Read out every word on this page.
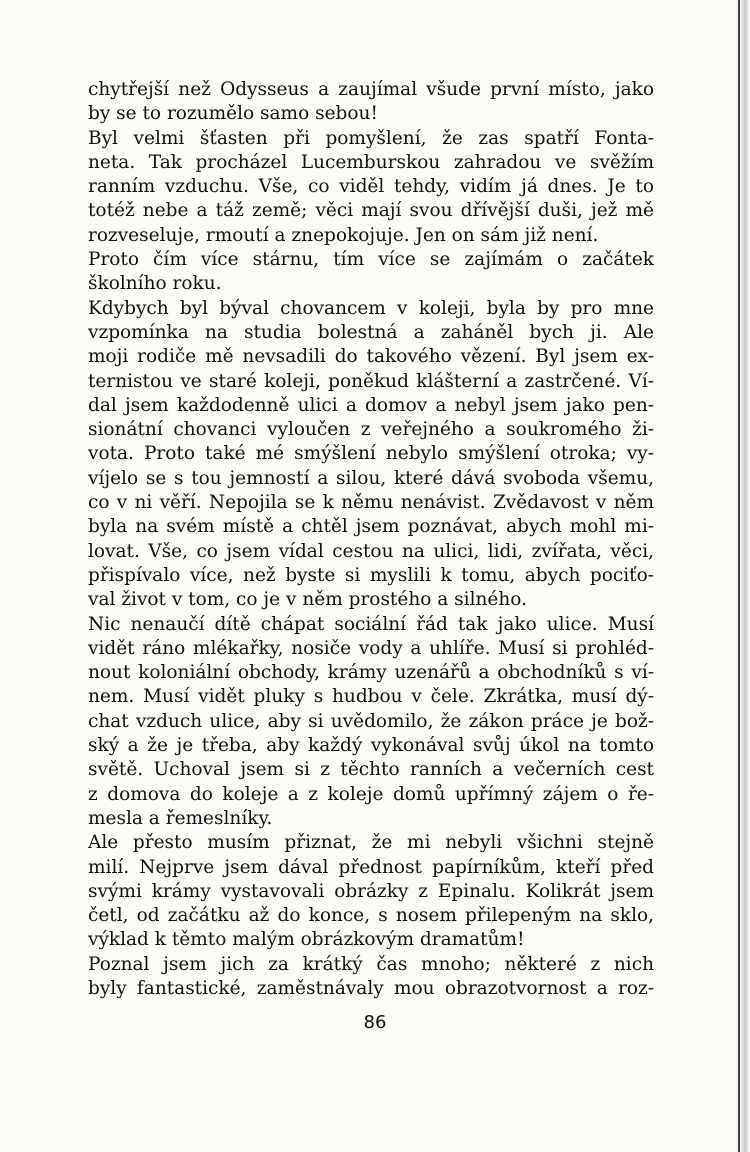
chytřejší než Odysseus a zaujímal všude první místo, jako
by se to rozumělo samo sebou!
Byl velmi šťasten při pomyšlení, že zas spatří Fonta-
neta. Tak procházel Lucemburskou zahradou ve svěžím
ranním vzduchu. Vše, co viděl tehdy, vidím já dnes. Je to
totéž nebe a táž země; věci mají svou dřívější duši, jež mě
rozveseluje, rmoutí a znepokojuje. Jen on sám již není.
Proto čím více stárnu, tím více se zajímám o začátek
školního roku.
Kdybych byl býval chovancem v koleji, byla by pro mne
vzpomínka na studia bolestná a zaháněl bych ji. Ale
moji rodiče mě nevsadili do takového vězení. Byl jsem ex-
ternistou ve staré koleji, poněkud klášterní a zastrčené. Ví-
dal jsem každodenně ulici a domov a nebyl jsem jako pen-
sionátní chovanci vyloučen z veřejného a soukromého ži-
vota. Proto také mé smýšlení nebylo smýšlení otroka; vy-
víjelo se s tou jemností a silou, které dává svoboda všemu,
co v ni věří. Nepojila se k němu nenávist. Zvědavost v něm
byla na svém místě a chtěl jsem poznávat, abych mohl mi-
lovat. Vše, co jsem vídal cestou na ulici, lidi, zvířata, věci,
přispívalo více, než byste si myslili k tomu, abych pociťo-
val život v tom, co je v něm prostého a silného.
Nic nenaučí dítě chápat sociální řád tak jako ulice. Musí
vidět ráno mlékařky, nosiče vody a uhlíře. Musí si prohléd-
nout koloniální obchody, krámy uzenářů a obchodníků s ví-
nem. Musí vidět pluky s hudbou v čele. Zkrátka, musí dý-
chat vzduch ulice, aby si uvědomilo, že zákon práce je bož-
ský a že je třeba, aby každý vykonával svůj úkol na tomto
světě. Uchoval jsem si z těchto ranních a večerních cest
z domova do koleje a z koleje domů upřímný zájem o ře-
mesla a řemeslníky.
Ale přesto musím přiznat, že mi nebyli všichni stejně
milí. Nejprve jsem dával přednost papírníkům, kteří před
svými krámy vystavovali obrázky z Epinalu. Kolikrát jsem
četl, od začátku až do konce, s nosem přilepeným na sklo,
výklad k těmto malým obrázkovým dramatům!
Poznal jsem jich za krátký čas mnoho; některé z nich
byly fantastické, zaměstnávaly mou obrazotvornost a roz-
86
